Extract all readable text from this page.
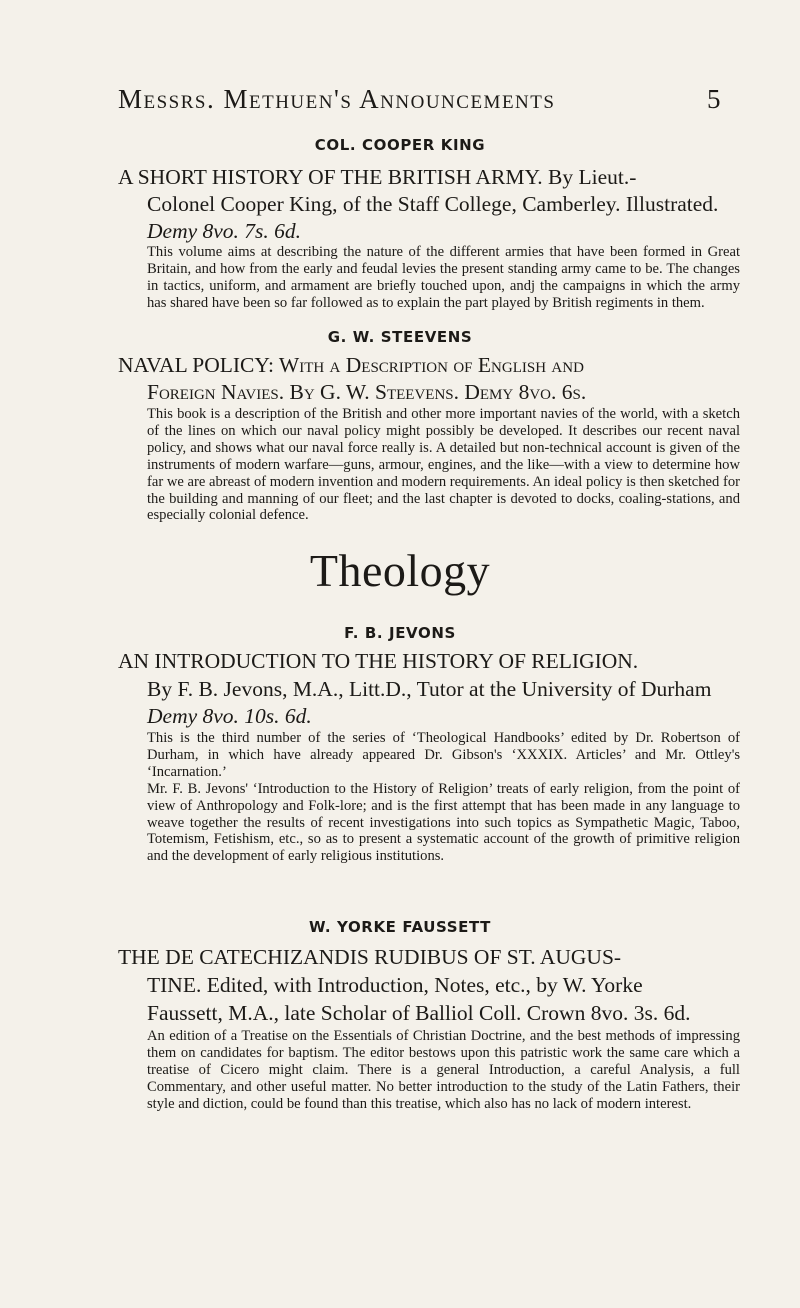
Messrs. Methuen's Announcements	5
COL. COOPER KING
A SHORT HISTORY OF THE BRITISH ARMY. By Lieut.-
Colonel Cooper King, of the Staff College, Camberley. Illustrated.
Demy 8vo. 7s. 6d.

This volume aims at describing the nature of the different armies that have been formed in Great Britain, and how from the early and feudal levies the present standing army came to be. The changes in tactics, uniform, and armament are briefly touched upon, andj the campaigns in which the army has shared have been so far followed as to explain the part played by British regiments in them.

G. W. STEEVENS
NAVAL POLICY: With a Description of English and
Foreign Navies. By G. W. Steevens. Demy 8vo. 6s.

This book is a description of the British and other more important navies of the world, with a sketch of the lines on which our naval policy might possibly be developed. It describes our recent naval policy, and shows what our naval force really is. A detailed but non-technical account is given of the instruments of modern warfare—guns, armour, engines, and the like—with a view to determine how far we are abreast of modern invention and modern requirements. An ideal policy is then sketched for the building and manning of our fleet; and the last chapter is devoted to docks, coaling-stations, and especially colonial defence.

Theology
F. B. JEVONS
AN INTRODUCTION TO THE HISTORY OF RELIGION.
By F. B. Jevons, M.A., Litt.D., Tutor at the University of Durham
Demy 8vo. 10s. 6d.

This is the third number of the series of ‘Theological Handbooks’ edited by Dr. Robertson of Durham, in which have already appeared Dr. Gibson's ‘XXXIX. Articles’ and Mr. Ottley's ‘Incarnation.’

Mr. F. B. Jevons' ‘Introduction to the History of Religion’ treats of early religion, from the point of view of Anthropology and Folk-lore; and is the first attempt that has been made in any language to weave together the results of recent investigations into such topics as Sympathetic Magic, Taboo, Totemism, Fetishism, etc., so as to present a systematic account of the growth of primitive religion and the development of early religious institutions.

W. YORKE FAUSSETT
THE DE CATECHIZANDIS RUDIBUS OF ST. AUGUS-
TINE. Edited, with Introduction, Notes, etc., by W. Yorke
Faussett, M.A., late Scholar of Balliol Coll. Crown 8vo. 3s. 6d.

An edition of a Treatise on the Essentials of Christian Doctrine, and the best methods of impressing them on candidates for baptism. The editor bestows upon this patristic work the same care which a treatise of Cicero might claim. There is a general Introduction, a careful Analysis, a full Commentary, and other useful matter. No better introduction to the study of the Latin Fathers, their style and diction, could be found than this treatise, which also has no lack of modern interest.
